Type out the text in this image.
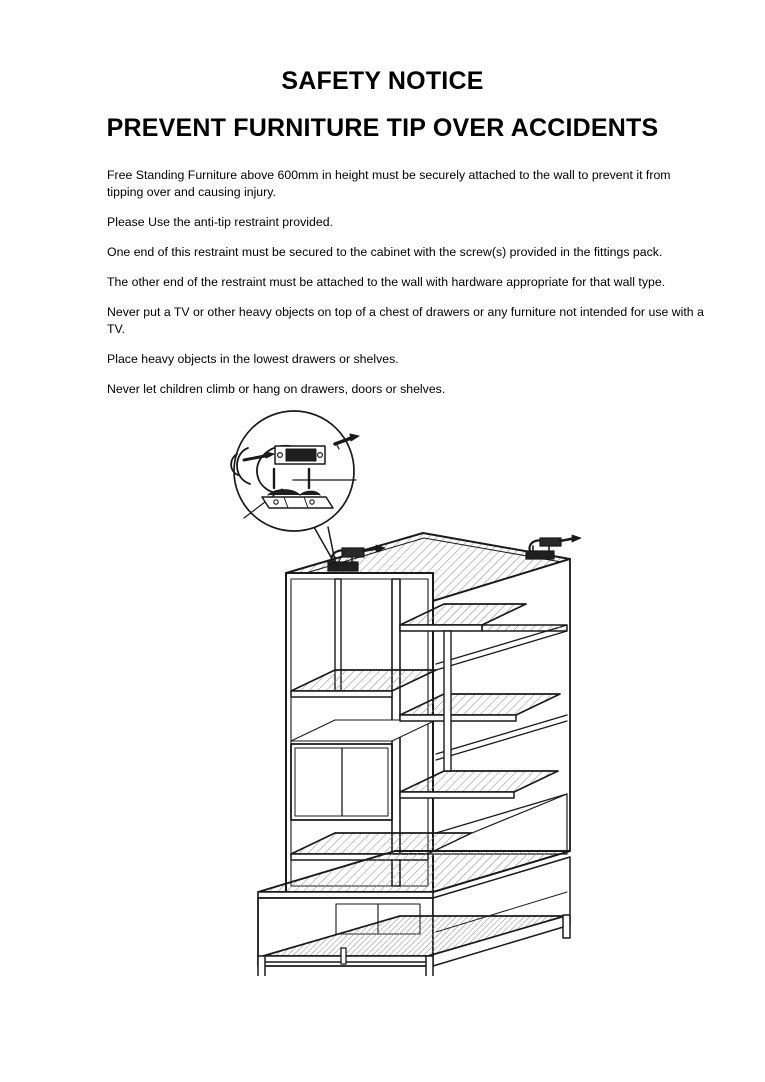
SAFETY NOTICE
PREVENT FURNITURE TIP OVER ACCIDENTS

Free Standing Furniture above 600mm in height must be securely attached to the wall to prevent it from tipping over and causing injury.

Please Use the anti-tip restraint provided.

One end of this restraint must be secured to the cabinet with the screw(s) provided in the fittings pack.

The other end of the restraint must be attached to the wall with hardware appropriate for that wall type.

Never put a TV or other heavy objects on top of a chest of drawers or any furniture not intended for use with a TV.

Place heavy objects in the lowest drawers or shelves.

Never let children climb or hang on drawers, doors or shelves.
